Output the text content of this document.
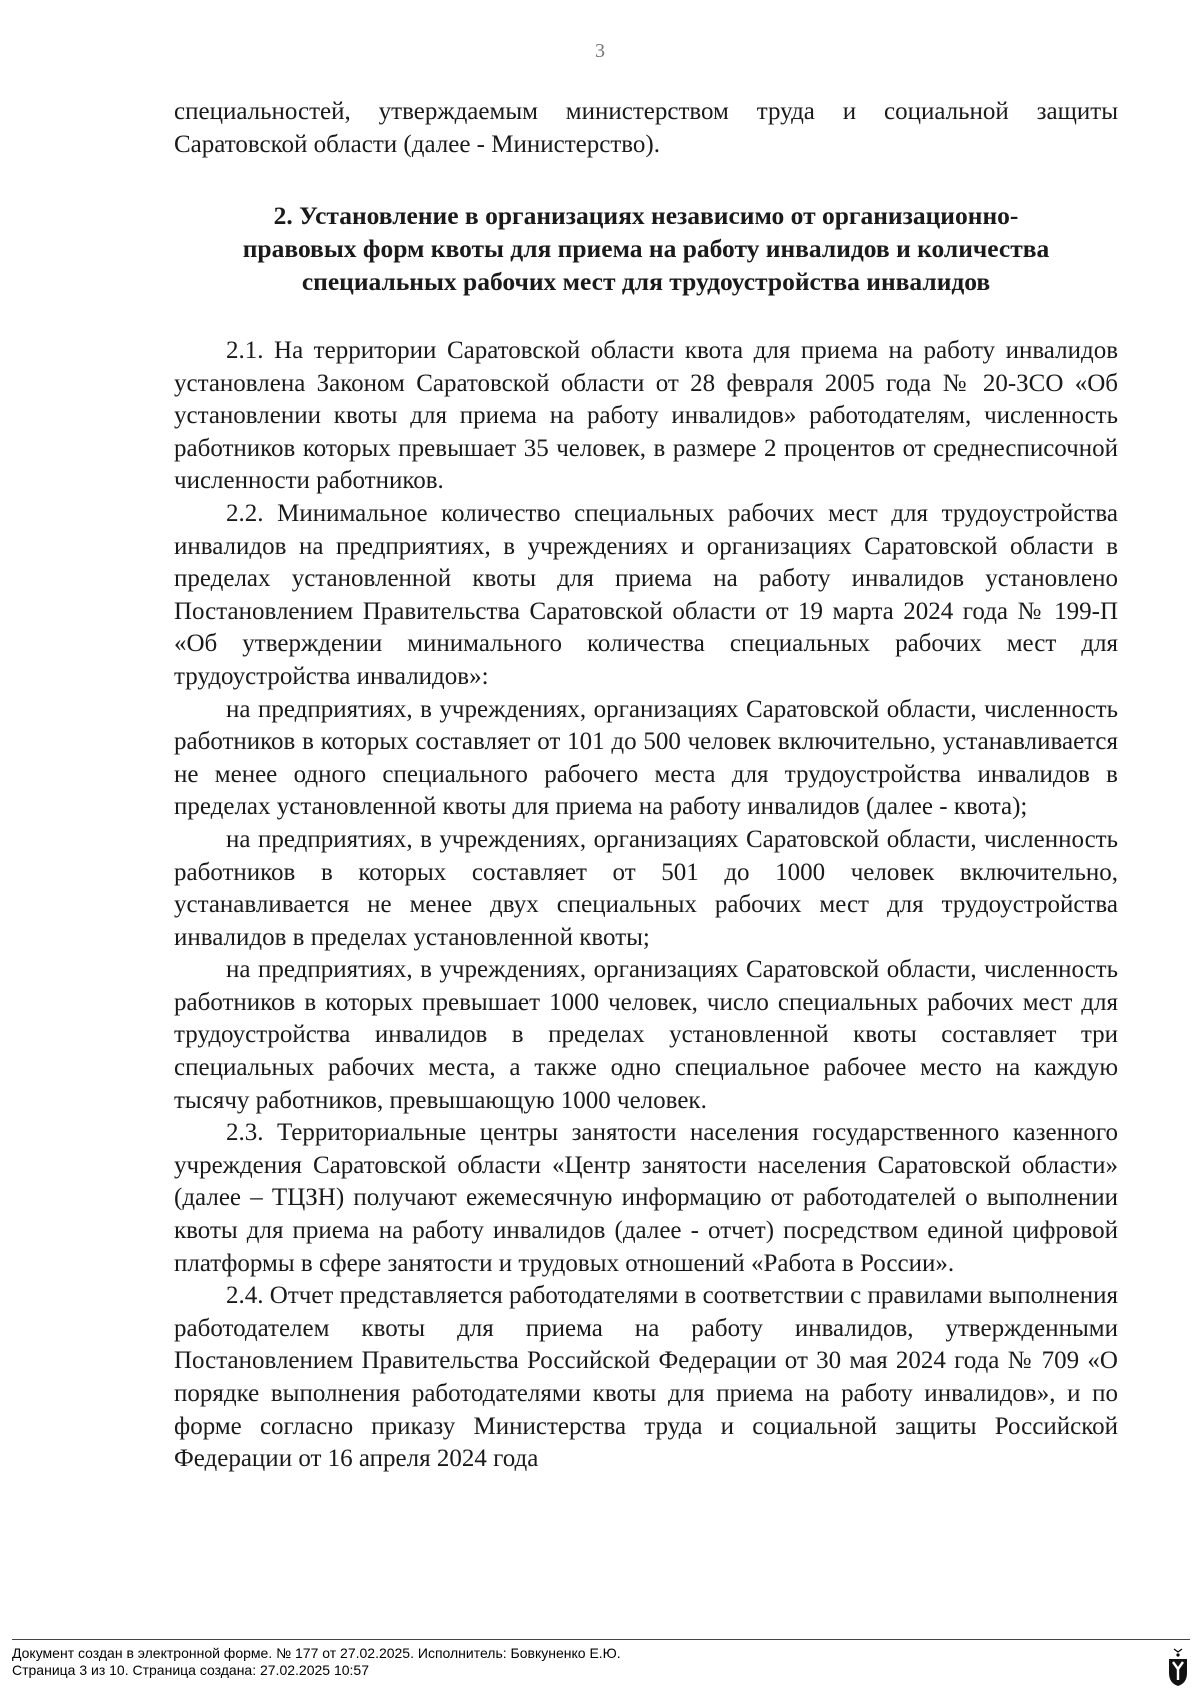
3

специальностей, утверждаемым министерством труда и социальной защиты Саратовской области (далее - Министерство).

2. Установление в организациях независимо от организационно-
правовых форм квоты для приема на работу инвалидов и количества
специальных рабочих мест для трудоустройства инвалидов

2.1. На территории Саратовской области квота для приема на работу инвалидов установлена Законом Саратовской области от 28 февраля 2005 года № 20-ЗСО «Об установлении квоты для приема на работу инвалидов» работодателям, численность работников которых превышает 35 человек, в размере 2 процентов от среднесписочной численности работников.

2.2. Минимальное количество специальных рабочих мест для трудоустройства инвалидов на предприятиях, в учреждениях и организациях Саратовской области в пределах установленной квоты для приема на работу инвалидов установлено Постановлением Правительства Саратовской области от 19 марта 2024 года № 199-П «Об утверждении минимального количества специальных рабочих мест для трудоустройства инвалидов»:

на предприятиях, в учреждениях, организациях Саратовской области, численность работников в которых составляет от 101 до 500 человек включительно, устанавливается не менее одного специального рабочего места для трудоустройства инвалидов в пределах установленной квоты для приема на работу инвалидов (далее - квота);

на предприятиях, в учреждениях, организациях Саратовской области, численность работников в которых составляет от 501 до 1000 человек включительно, устанавливается не менее двух специальных рабочих мест для трудоустройства инвалидов в пределах установленной квоты;

на предприятиях, в учреждениях, организациях Саратовской области, численность работников в которых превышает 1000 человек, число специальных рабочих мест для трудоустройства инвалидов в пределах установленной квоты составляет три специальных рабочих места, а также одно специальное рабочее место на каждую тысячу работников, превышающую 1000 человек.

2.3. Территориальные центры занятости населения государственного казенного учреждения Саратовской области «Центр занятости населения Саратовской области» (далее – ТЦЗН) получают ежемесячную информацию от работодателей о выполнении квоты для приема на работу инвалидов (далее - отчет) посредством единой цифровой платформы в сфере занятости и трудовых отношений «Работа в России».

2.4. Отчет представляется работодателями в соответствии с правилами выполнения работодателем квоты для приема на работу инвалидов, утвержденными Постановлением Правительства Российской Федерации от 30 мая 2024 года № 709 «О порядке выполнения работодателями квоты для приема на работу инвалидов», и по форме согласно приказу Министерства труда и социальной защиты Российской Федерации от 16 апреля 2024 года

Документ создан в электронной форме. № 177 от 27.02.2025. Исполнитель: Бовкуненко Е.Ю.
Страница 3 из 10. Страница создана: 27.02.2025 10:57
